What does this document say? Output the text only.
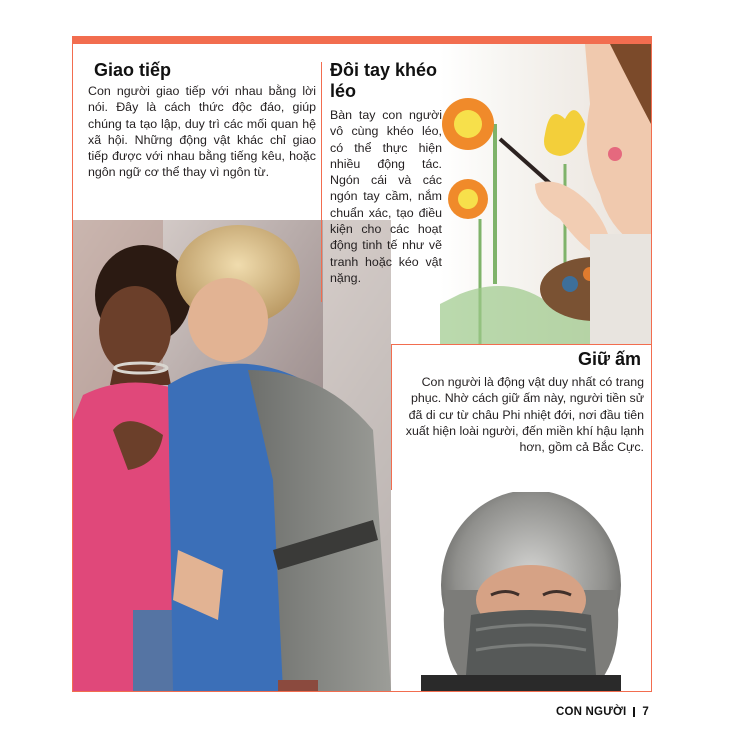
Giao tiếp

Con người giao tiếp với nhau bằng lời nói. Đây là cách thức độc đáo, giúp chúng ta tạo lập, duy trì các mối quan hệ xã hội. Những động vật khác chỉ giao tiếp được với nhau bằng tiếng kêu, hoặc ngôn ngữ cơ thể thay vì ngôn từ.

Đôi tay khéo léo

Bàn tay con người vô cùng khéo léo, có thể thực hiện nhiều động tác. Ngón cái và các ngón tay cầm, nắm chuẩn xác, tạo điều kiện cho các hoạt động tinh tế như vẽ tranh hoặc kéo vật nặng.

Giữ ấm

Con người là động vật duy nhất có trang phục. Nhờ cách giữ ấm này, người tiền sử đã di cư từ châu Phi nhiệt đới, nơi đầu tiên xuất hiện loài người, đến miền khí hậu lạnh hơn, gồm cả Bắc Cực.

CON NGƯỜI 7
